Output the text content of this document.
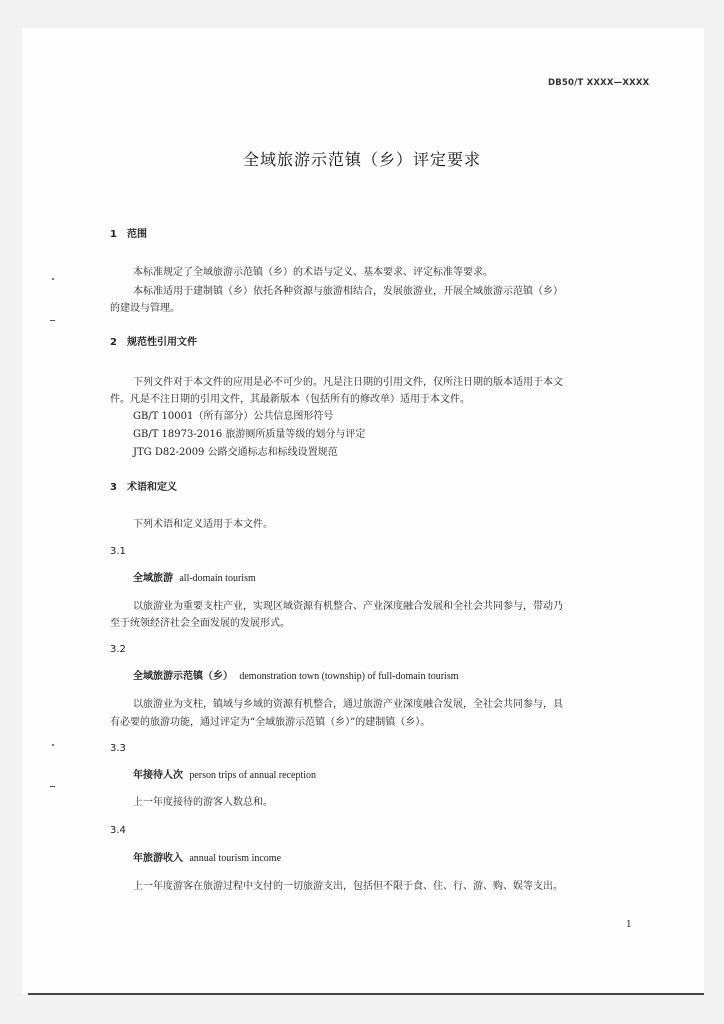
DB50/T XXXX—XXXX
全域旅游示范镇（乡）评定要求
1　范围
本标准规定了全域旅游示范镇（乡）的术语与定义、基本要求、评定标准等要求。
本标准适用于建制镇（乡）依托各种资源与旅游相结合，发展旅游业，开展全域旅游示范镇（乡）
的建设与管理。
2　规范性引用文件
下列文件对于本文件的应用是必不可少的。凡是注日期的引用文件，仅所注日期的版本适用于本文
件。凡是不注日期的引用文件，其最新版本（包括所有的修改单）适用于本文件。
GB/T 10001（所有部分）公共信息图形符号
GB/T 18973-2016 旅游厕所质量等级的划分与评定
JTG D82-2009 公路交通标志和标线设置规范
3　术语和定义
下列术语和定义适用于本文件。
3.1
全域旅游 all-domain tourism
以旅游业为重要支柱产业，实现区域资源有机整合、产业深度融合发展和全社会共同参与，带动乃
至于统领经济社会全面发展的发展形式。
3.2
全域旅游示范镇（乡） demonstration town (township) of full-domain tourism
以旅游业为支柱，镇域与乡域的资源有机整合，通过旅游产业深度融合发展，全社会共同参与，具
有必要的旅游功能，通过评定为“全域旅游示范镇（乡）”的建制镇（乡）。
3.3
年接待人次 person trips of annual reception
上一年度接待的游客人数总和。
3.4
年旅游收入 annual tourism income
上一年度游客在旅游过程中支付的一切旅游支出，包括但不限于食、住、行、游、购、娱等支出。
1
